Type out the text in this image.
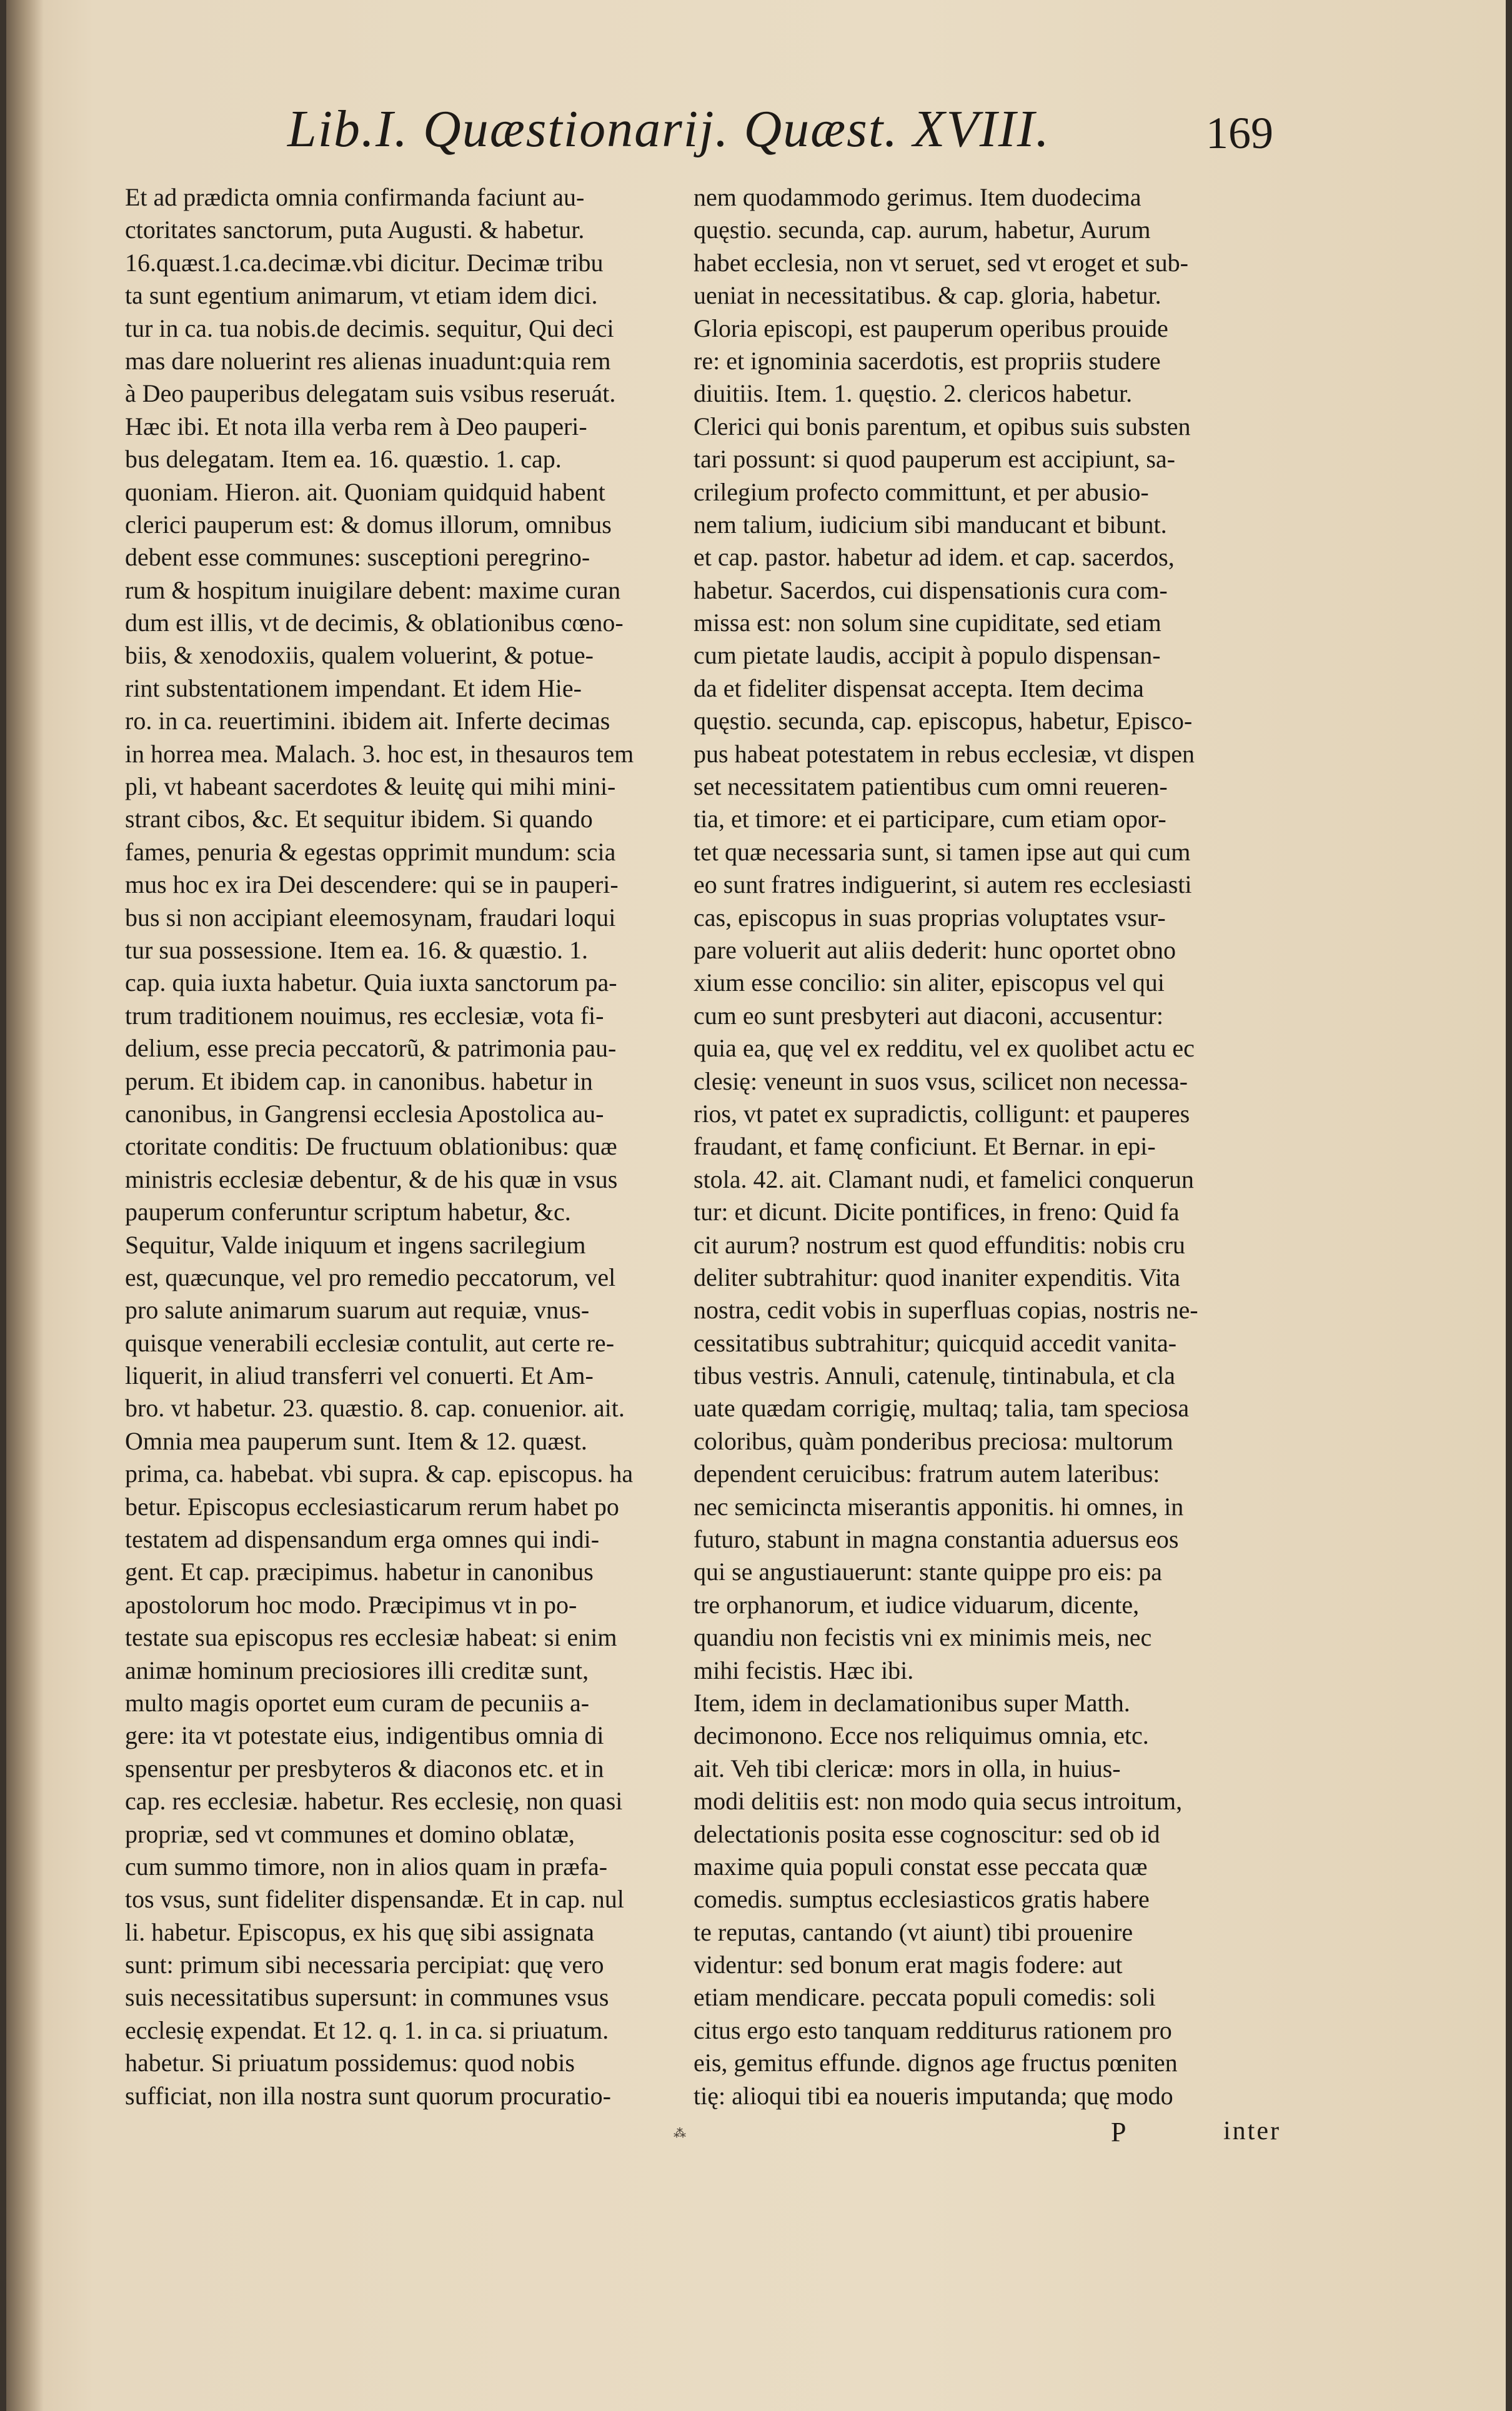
Lib.I. Quæstionarij. Quæst. XVIII.	169
Et ad prædicta omnia confirmanda faciunt au-
ctoritates sanctorum, puta Augusti. & habetur.
16.quæst.1.ca.decimæ.vbi dicitur. Decimæ tribu
ta sunt egentium animarum, vt etiam idem dici.
tur in ca. tua nobis.de decimis. sequitur, Qui deci
mas dare noluerint res alienas inuadunt:quia rem
à Deo pauperibus delegatam suis vsibus reseruát.
Hæc ibi. Et nota illa verba rem à Deo pauperi-
bus delegatam. Item ea. 16. quæstio. 1. cap.
quoniam. Hieron. ait. Quoniam quidquid habent
clerici pauperum est: & domus illorum, omnibus
debent esse communes: susceptioni peregrino-
rum & hospitum inuigilare debent: maxime curan
dum est illis, vt de decimis, & oblationibus cœno-
biis, & xenodoxiis, qualem voluerint, & potue-
rint substentationem impendant. Et idem Hie-
ro. in ca. reuertimini. ibidem ait. Inferte decimas
in horrea mea. Malach. 3. hoc est, in thesauros tem
pli, vt habeant sacerdotes & leuitę qui mihi mini-
strant cibos, &c. Et sequitur ibidem. Si quando
fames, penuria & egestas opprimit mundum: scia
mus hoc ex ira Dei descendere: qui se in pauperi-
bus si non accipiant eleemosynam, fraudari loqui
tur sua possessione. Item ea. 16. & quæstio. 1.
cap. quia iuxta habetur. Quia iuxta sanctorum pa-
trum traditionem nouimus, res ecclesiæ, vota fi-
delium, esse precia peccatorũ, & patrimonia pau-
perum. Et ibidem cap. in canonibus. habetur in
canonibus, in Gangrensi ecclesia Apostolica au-
ctoritate conditis: De fructuum oblationibus: quæ
ministris ecclesiæ debentur, & de his quæ in vsus
pauperum conferuntur scriptum habetur, &c.
Sequitur, Valde iniquum et ingens sacrilegium
est, quæcunque, vel pro remedio peccatorum, vel
pro salute animarum suarum aut requiæ, vnus-
quisque venerabili ecclesiæ contulit, aut certe re-
liquerit, in aliud transferri vel conuerti. Et Am-
bro. vt habetur. 23. quæstio. 8. cap. conuenior. ait.
Omnia mea pauperum sunt. Item & 12. quæst.
prima, ca. habebat. vbi supra. & cap. episcopus. ha
betur. Episcopus ecclesiasticarum rerum habet po
testatem ad dispensandum erga omnes qui indi-
gent. Et cap. præcipimus. habetur in canonibus
apostolorum hoc modo. Præcipimus vt in po-
testate sua episcopus res ecclesiæ habeat: si enim
animæ hominum preciosiores illi creditæ sunt,
multo magis oportet eum curam de pecuniis a-
gere: ita vt potestate eius, indigentibus omnia di
spensentur per presbyteros & diaconos etc. et in
cap. res ecclesiæ. habetur. Res ecclesię, non quasi
propriæ, sed vt communes et domino oblatæ,
cum summo timore, non in alios quam in præfa-
tos vsus, sunt fideliter dispensandæ. Et in cap. nul
li. habetur. Episcopus, ex his quę sibi assignata
sunt: primum sibi necessaria percipiat: quę vero
suis necessitatibus supersunt: in communes vsus
ecclesię expendat. Et 12. q. 1. in ca. si priuatum.
habetur. Si priuatum possidemus: quod nobis
sufficiat, non illa nostra sunt quorum procuratio-
nem quodammodo gerimus. Item duodecima
quęstio. secunda, cap. aurum, habetur, Aurum
habet ecclesia, non vt seruet, sed vt eroget et sub-
ueniat in necessitatibus. & cap. gloria, habetur.
Gloria episcopi, est pauperum operibus prouide
re: et ignominia sacerdotis, est propriis studere
diuitiis. Item. 1. quęstio. 2. clericos habetur.
Clerici qui bonis parentum, et opibus suis substen
tari possunt: si quod pauperum est accipiunt, sa-
crilegium profecto committunt, et per abusio-
nem talium, iudicium sibi manducant et bibunt.
et cap. pastor. habetur ad idem. et cap. sacerdos,
habetur. Sacerdos, cui dispensationis cura com-
missa est: non solum sine cupiditate, sed etiam
cum pietate laudis, accipit à populo dispensan-
da et fideliter dispensat accepta. Item decima
quęstio. secunda, cap. episcopus, habetur, Episco-
pus habeat potestatem in rebus ecclesiæ, vt dispen
set necessitatem patientibus cum omni reueren-
tia, et timore: et ei participare, cum etiam opor-
tet quæ necessaria sunt, si tamen ipse aut qui cum
eo sunt fratres indiguerint, si autem res ecclesiasti
cas, episcopus in suas proprias voluptates vsur-
pare voluerit aut aliis dederit: hunc oportet obno
xium esse concilio: sin aliter, episcopus vel qui
cum eo sunt presbyteri aut diaconi, accusentur:
quia ea, quę vel ex redditu, vel ex quolibet actu ec
clesię: veneunt in suos vsus, scilicet non necessa-
rios, vt patet ex supradictis, colligunt: et pauperes
fraudant, et famę conficiunt. Et Bernar. in epi-
stola. 42. ait. Clamant nudi, et famelici conquerun
tur: et dicunt. Dicite pontifices, in freno: Quid fa
cit aurum? nostrum est quod effunditis: nobis cru
deliter subtrahitur: quod inaniter expenditis. Vita
nostra, cedit vobis in superfluas copias, nostris ne-
cessitatibus subtrahitur; quicquid accedit vanita-
tibus vestris. Annuli, catenulę, tintinabula, et cla
uate quædam corrigię, multaq; talia, tam speciosa
coloribus, quàm ponderibus preciosa: multorum
dependent ceruicibus: fratrum autem lateribus:
nec semicincta miserantis apponitis. hi omnes, in
futuro, stabunt in magna constantia aduersus eos
qui se angustiauerunt: stante quippe pro eis: pa
tre orphanorum, et iudice viduarum, dicente,
quandiu non fecistis vni ex minimis meis, nec
mihi fecistis. Hæc ibi.
Item, idem in declamationibus super Matth.
decimonono. Ecce nos reliquimus omnia, etc.
ait. Veh tibi clericæ: mors in olla, in huius-
modi delitiis est: non modo quia secus introitum,
delectationis posita esse cognoscitur: sed ob id
maxime quia populi constat esse peccata quæ
comedis. sumptus ecclesiasticos gratis habere
te reputas, cantando (vt aiunt) tibi prouenire
videntur: sed bonum erat magis fodere: aut
etiam mendicare. peccata populi comedis: soli
citus ergo esto tanquam redditurus rationem pro
eis, gemitus effunde. dignos age fructus pœniten
tię: alioqui tibi ea noueris imputanda; quę modo
⁂	P	inter
